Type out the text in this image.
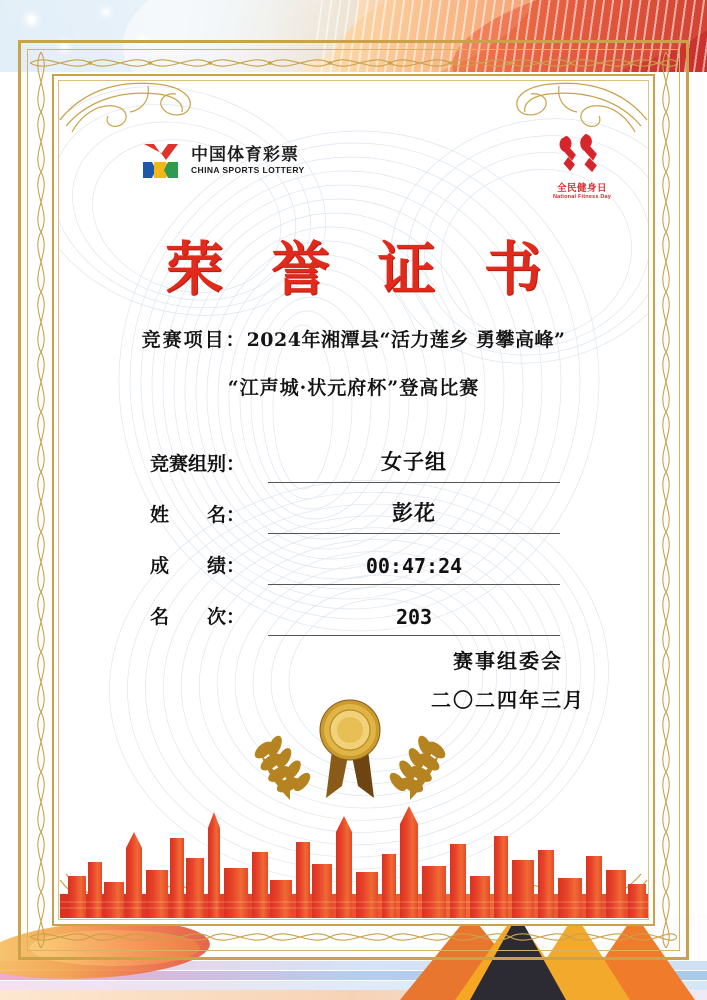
中国体育彩票
CHINA SPORTS LOTTERY
全民健身日
National Fitness Day
荣 誉 证 书
竞赛项目：2024年湘潭县“活力莲乡 勇攀高峰”
“江声城·状元府杯”登高比赛
竞赛组别：	女子组
姓　　名：	彭花
成　　绩：	00:47:24
名　　次：	203
赛事组委会
二〇二四年三月
